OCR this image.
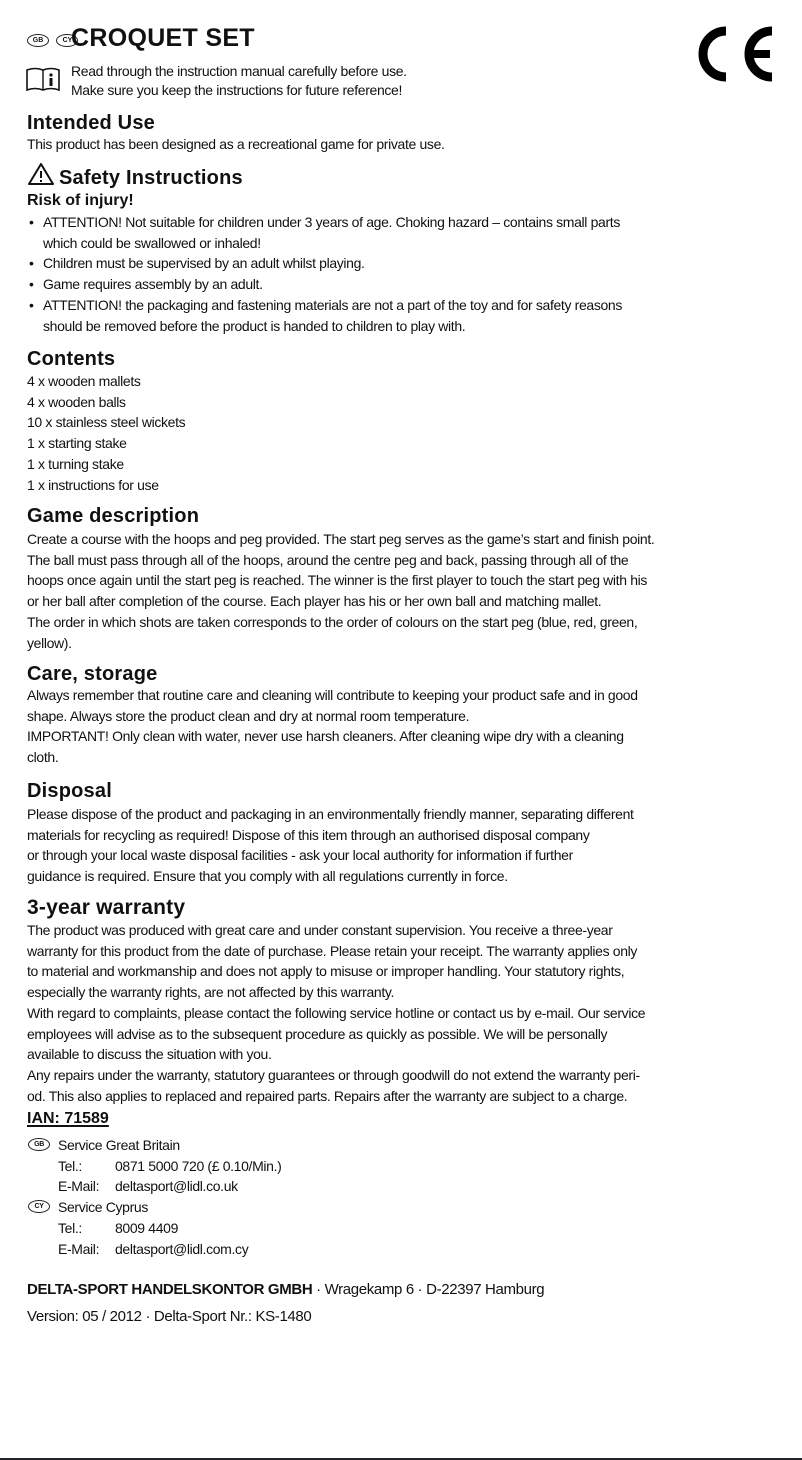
GB	CY
CROQUET SET
Read through the instruction manual carefully before use.
Make sure you keep the instructions for future reference!
Intended Use
This product has been designed as a recreational game for private use.
Safety Instructions
Risk of injury!
• ATTENTION! Not suitable for children under 3 years of age. Choking hazard – contains small parts
which could be swallowed or inhaled!
• Children must be supervised by an adult whilst playing.
• Game requires assembly by an adult.
• ATTENTION! the packaging and fastening materials are not a part of the toy and for safety reasons
should be removed before the product is handed to children to play with.
Contents
4 x wooden mallets
4 x wooden balls
10 x stainless steel wickets
1 x starting stake
1 x turning stake
1 x instructions for use
Game description
Create a course with the hoops and peg provided. The start peg serves as the game’s start and finish point.
The ball must pass through all of the hoops, around the centre peg and back, passing through all of the
hoops once again until the start peg is reached. The winner is the first player to touch the start peg with his
or her ball after completion of the course. Each player has his or her own ball and matching mallet.
The order in which shots are taken corresponds to the order of colours on the start peg (blue, red, green,
yellow).
Care, storage
Always remember that routine care and cleaning will contribute to keeping your product safe and in good
shape. Always store the product clean and dry at normal room temperature.
IMPORTANT! Only clean with water, never use harsh cleaners. After cleaning wipe dry with a cleaning
cloth.
Disposal
Please dispose of the product and packaging in an environmentally friendly manner, separating different
materials for recycling as required! Dispose of this item through an authorised disposal company
or through your local waste disposal facilities - ask your local authority for information if further
guidance is required. Ensure that you comply with all regulations currently in force.
3-year warranty
The product was produced with great care and under constant supervision. You receive a three-year
warranty for this product from the date of purchase. Please retain your receipt. The warranty applies only
to material and workmanship and does not apply to misuse or improper handling. Your statutory rights,
especially the warranty rights, are not affected by this warranty.
With regard to complaints, please contact the following service hotline or contact us by e-mail. Our service
employees will advise as to the subsequent procedure as quickly as possible. We will be personally
available to discuss the situation with you.
Any repairs under the warranty, statutory guarantees or through goodwill do not extend the warranty peri-
od. This also applies to replaced and repaired parts. Repairs after the warranty are subject to a charge.
IAN: 71589
GB	Service Great Britain
Tel.:	0871 5000 720 (£ 0.10/Min.)
E-Mail:	deltasport@lidl.co.uk
CY	Service Cyprus
Tel.:	8009 4409
E-Mail:	deltasport@lidl.com.cy
DELTA-SPORT HANDELSKONTOR GMBH · Wragekamp 6 · D-22397 Hamburg
Version: 05 / 2012 · Delta-Sport Nr.: KS-1480
